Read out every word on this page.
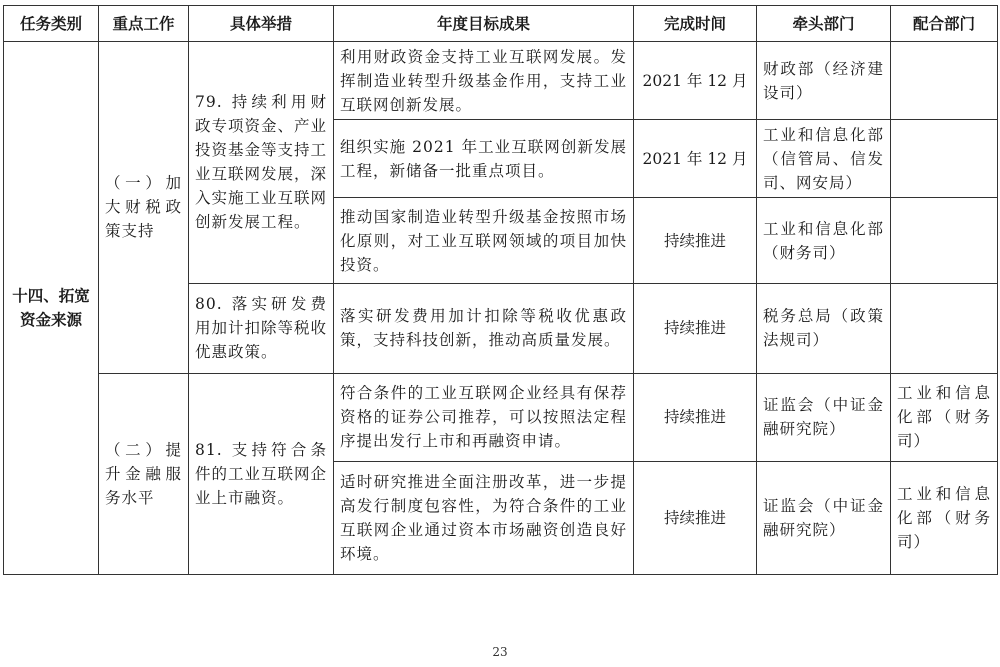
任务类别	重点工作	具体举措	年度目标成果	完成时间	牵头部门	配合部门
十四、拓宽资金来源	（一）加大财税政策支持	79. 持续利用财政专项资金、产业投资基金等支持工业互联网发展，深入实施工业互联网创新发展工程。	利用财政资金支持工业互联网发展。发挥制造业转型升级基金作用，支持工业互联网创新发展。	2021 年 12 月	财政部（经济建设司）	
			组织实施 2021 年工业互联网创新发展工程，新储备一批重点项目。	2021 年 12 月	工业和信息化部（信管局、信发司、网安局）	
			推动国家制造业转型升级基金按照市场化原则，对工业互联网领域的项目加快投资。	持续推进	工业和信息化部（财务司）	
		80. 落实研发费用加计扣除等税收优惠政策。	落实研发费用加计扣除等税收优惠政策，支持科技创新，推动高质量发展。	持续推进	税务总局（政策法规司）	
	（二）提升金融服务水平	81. 支持符合条件的工业互联网企业上市融资。	符合条件的工业互联网企业经具有保荐资格的证券公司推荐，可以按照法定程序提出发行上市和再融资申请。	持续推进	证监会（中证金融研究院）	工业和信息化部（财务司）
			适时研究推进全面注册改革，进一步提高发行制度包容性，为符合条件的工业互联网企业通过资本市场融资创造良好环境。	持续推进	证监会（中证金融研究院）	工业和信息化部（财务司）
23
